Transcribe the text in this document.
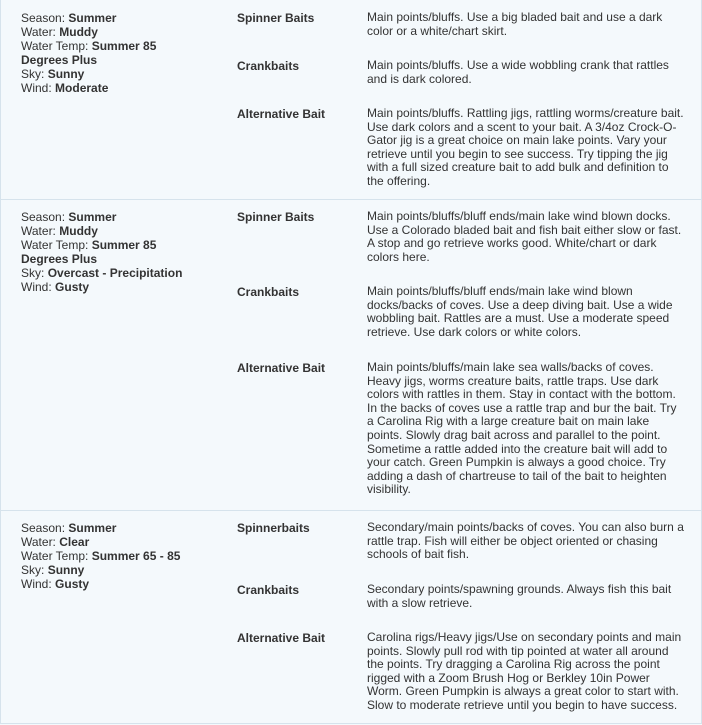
Season: Summer
Water: Muddy
Water Temp: Summer 85 Degrees Plus
Sky: Sunny
Wind: Moderate
Spinner Baits	Main points/bluffs. Use a big bladed bait and use a dark color or a white/chart skirt.
Crankbaits	Main points/bluffs. Use a wide wobbling crank that rattles and is dark colored.
Alternative Bait	Main points/bluffs. Rattling jigs, rattling worms/creature bait. Use dark colors and a scent to your bait. A 3/4oz Crock-O-Gator jig is a great choice on main lake points. Vary your retrieve until you begin to see success. Try tipping the jig with a full sized creature bait to add bulk and definition to the offering.
Season: Summer
Water: Muddy
Water Temp: Summer 85 Degrees Plus
Sky: Overcast - Precipitation
Wind: Gusty
Spinner Baits	Main points/bluffs/bluff ends/main lake wind blown docks. Use a Colorado bladed bait and fish bait either slow or fast. A stop and go retrieve works good. White/chart or dark colors here.
Crankbaits	Main points/bluffs/bluff ends/main lake wind blown docks/backs of coves. Use a deep diving bait. Use a wide wobbling bait. Rattles are a must. Use a moderate speed retrieve. Use dark colors or white colors.
Alternative Bait	Main points/bluffs/main lake sea walls/backs of coves. Heavy jigs, worms creature baits, rattle traps. Use dark colors with rattles in them. Stay in contact with the bottom. In the backs of coves use a rattle trap and bur the bait. Try a Carolina Rig with a large creature bait on main lake points. Slowly drag bait across and parallel to the point. Sometime a rattle added into the creature bait will add to your catch. Green Pumpkin is always a good choice. Try adding a dash of chartreuse to tail of the bait to heighten visibility.
Season: Summer
Water: Clear
Water Temp: Summer 65 - 85
Sky: Sunny
Wind: Gusty
Spinnerbaits	Secondary/main points/backs of coves. You can also burn a rattle trap. Fish will either be object oriented or chasing schools of bait fish.
Crankbaits	Secondary points/spawning grounds. Always fish this bait with a slow retrieve.
Alternative Bait	Carolina rigs/Heavy jigs/Use on secondary points and main points. Slowly pull rod with tip pointed at water all around the points. Try dragging a Carolina Rig across the point rigged with a Zoom Brush Hog or Berkley 10in Power Worm. Green Pumpkin is always a great color to start with. Slow to moderate retrieve until you begin to have success.
